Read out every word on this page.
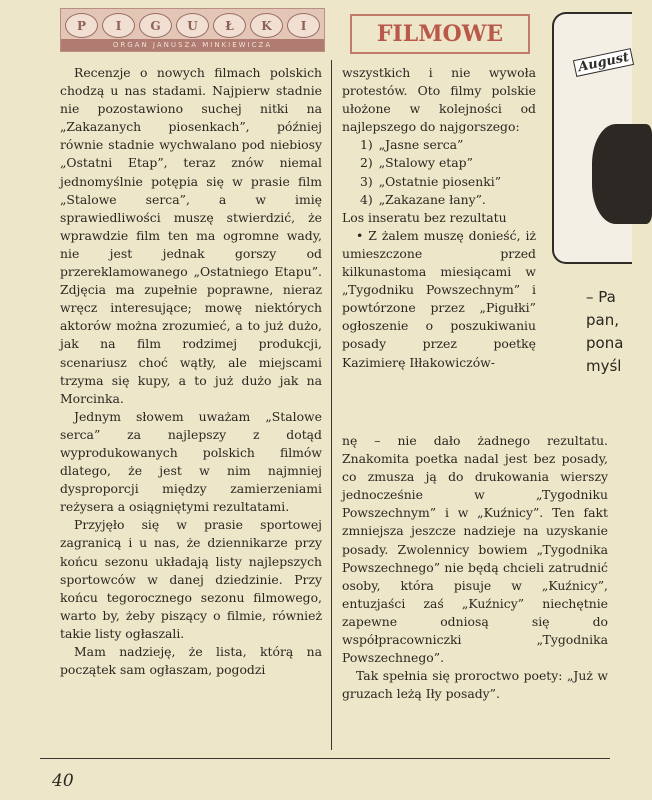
P	I	G	U	Ł	K	I
ORGAN JANUSZA MINKIEWICZA	FILMOWE

Recenzje o nowych filmach polskich chodzą u nas stadami. Najpierw stadnie nie pozostawiono suchej nitki na „Zakazanych piosenkach”, później równie stadnie wychwalano pod niebiosy „Ostatni Etap”, teraz znów niemal jednomyślnie potępia się w prasie film „Stalowe serca”, a w imię sprawiedliwości muszę stwierdzić, że wprawdzie film ten ma ogromne wady, nie jest jednak gorszy od przereklamowanego „Ostatniego Etapu”. Zdjęcia ma zupełnie poprawne, nieraz wręcz interesujące; mowę niektórych aktorów można zrozumieć, a to już dużo, jak na film rodzimej produkcji, scenariusz choć wątły, ale miejscami trzyma się kupy, a to już dużo jak na Morcinka.

Jednym słowem uważam „Stalowe serca” za najlepszy z dotąd wyprodukowanych polskich filmów dlatego, że jest w nim najmniej dysproporcji między zamierzeniami reżysera a osiągniętymi rezultatami.

Przyjęło się w prasie sportowej zagranicą i u nas, że dziennikarze przy końcu sezonu układają listy najlepszych sportowców w danej dziedzinie. Przy końcu tegorocznego sezonu filmowego, warto by, żeby piszący o filmie, również takie listy ogłaszali.

Mam nadzieję, że lista, którą na początek sam ogłaszam, pogodzi

wszystkich i nie wywoła protestów. Oto filmy polskie ułożone w kolejności od najlepszego do najgorszego:

1) „Jasne serca”
2) „Stalowy etap”
3) „Ostatnie piosenki”
4) „Zakazane łany”.

Los inseratu bez rezultatu

• Z żalem muszę donieść, iż umieszczone przed kilkunastoma miesiącami w „Tygodniku Powszechnym” i powtórzone przez „Pigułki” ogłoszenie o poszukiwaniu posady przez poetkę Kazimierę Iłłakowiczów-

nę – nie dało żadnego rezultatu. Znakomita poetka nadal jest bez posady, co zmusza ją do drukowania wierszy jednocześnie w „Tygodniku Powszechnym” i w „Kuźnicy”. Ten fakt zmniejsza jeszcze nadzieje na uzyskanie posady. Zwolennicy bowiem „Tygodnika Powszechnego” nie będą chcieli zatrudnić osoby, która pisuje w „Kuźnicy”, entuzjaści zaś „Kuźnicy” niechętnie zapewne odniosą się do współpracowniczki „Tygodnika Powszechnego”.

Tak spełnia się proroctwo poety: „Już w gruzach leżą Iły posady”.

August
– Pa
pan,
pona
myśl
40
